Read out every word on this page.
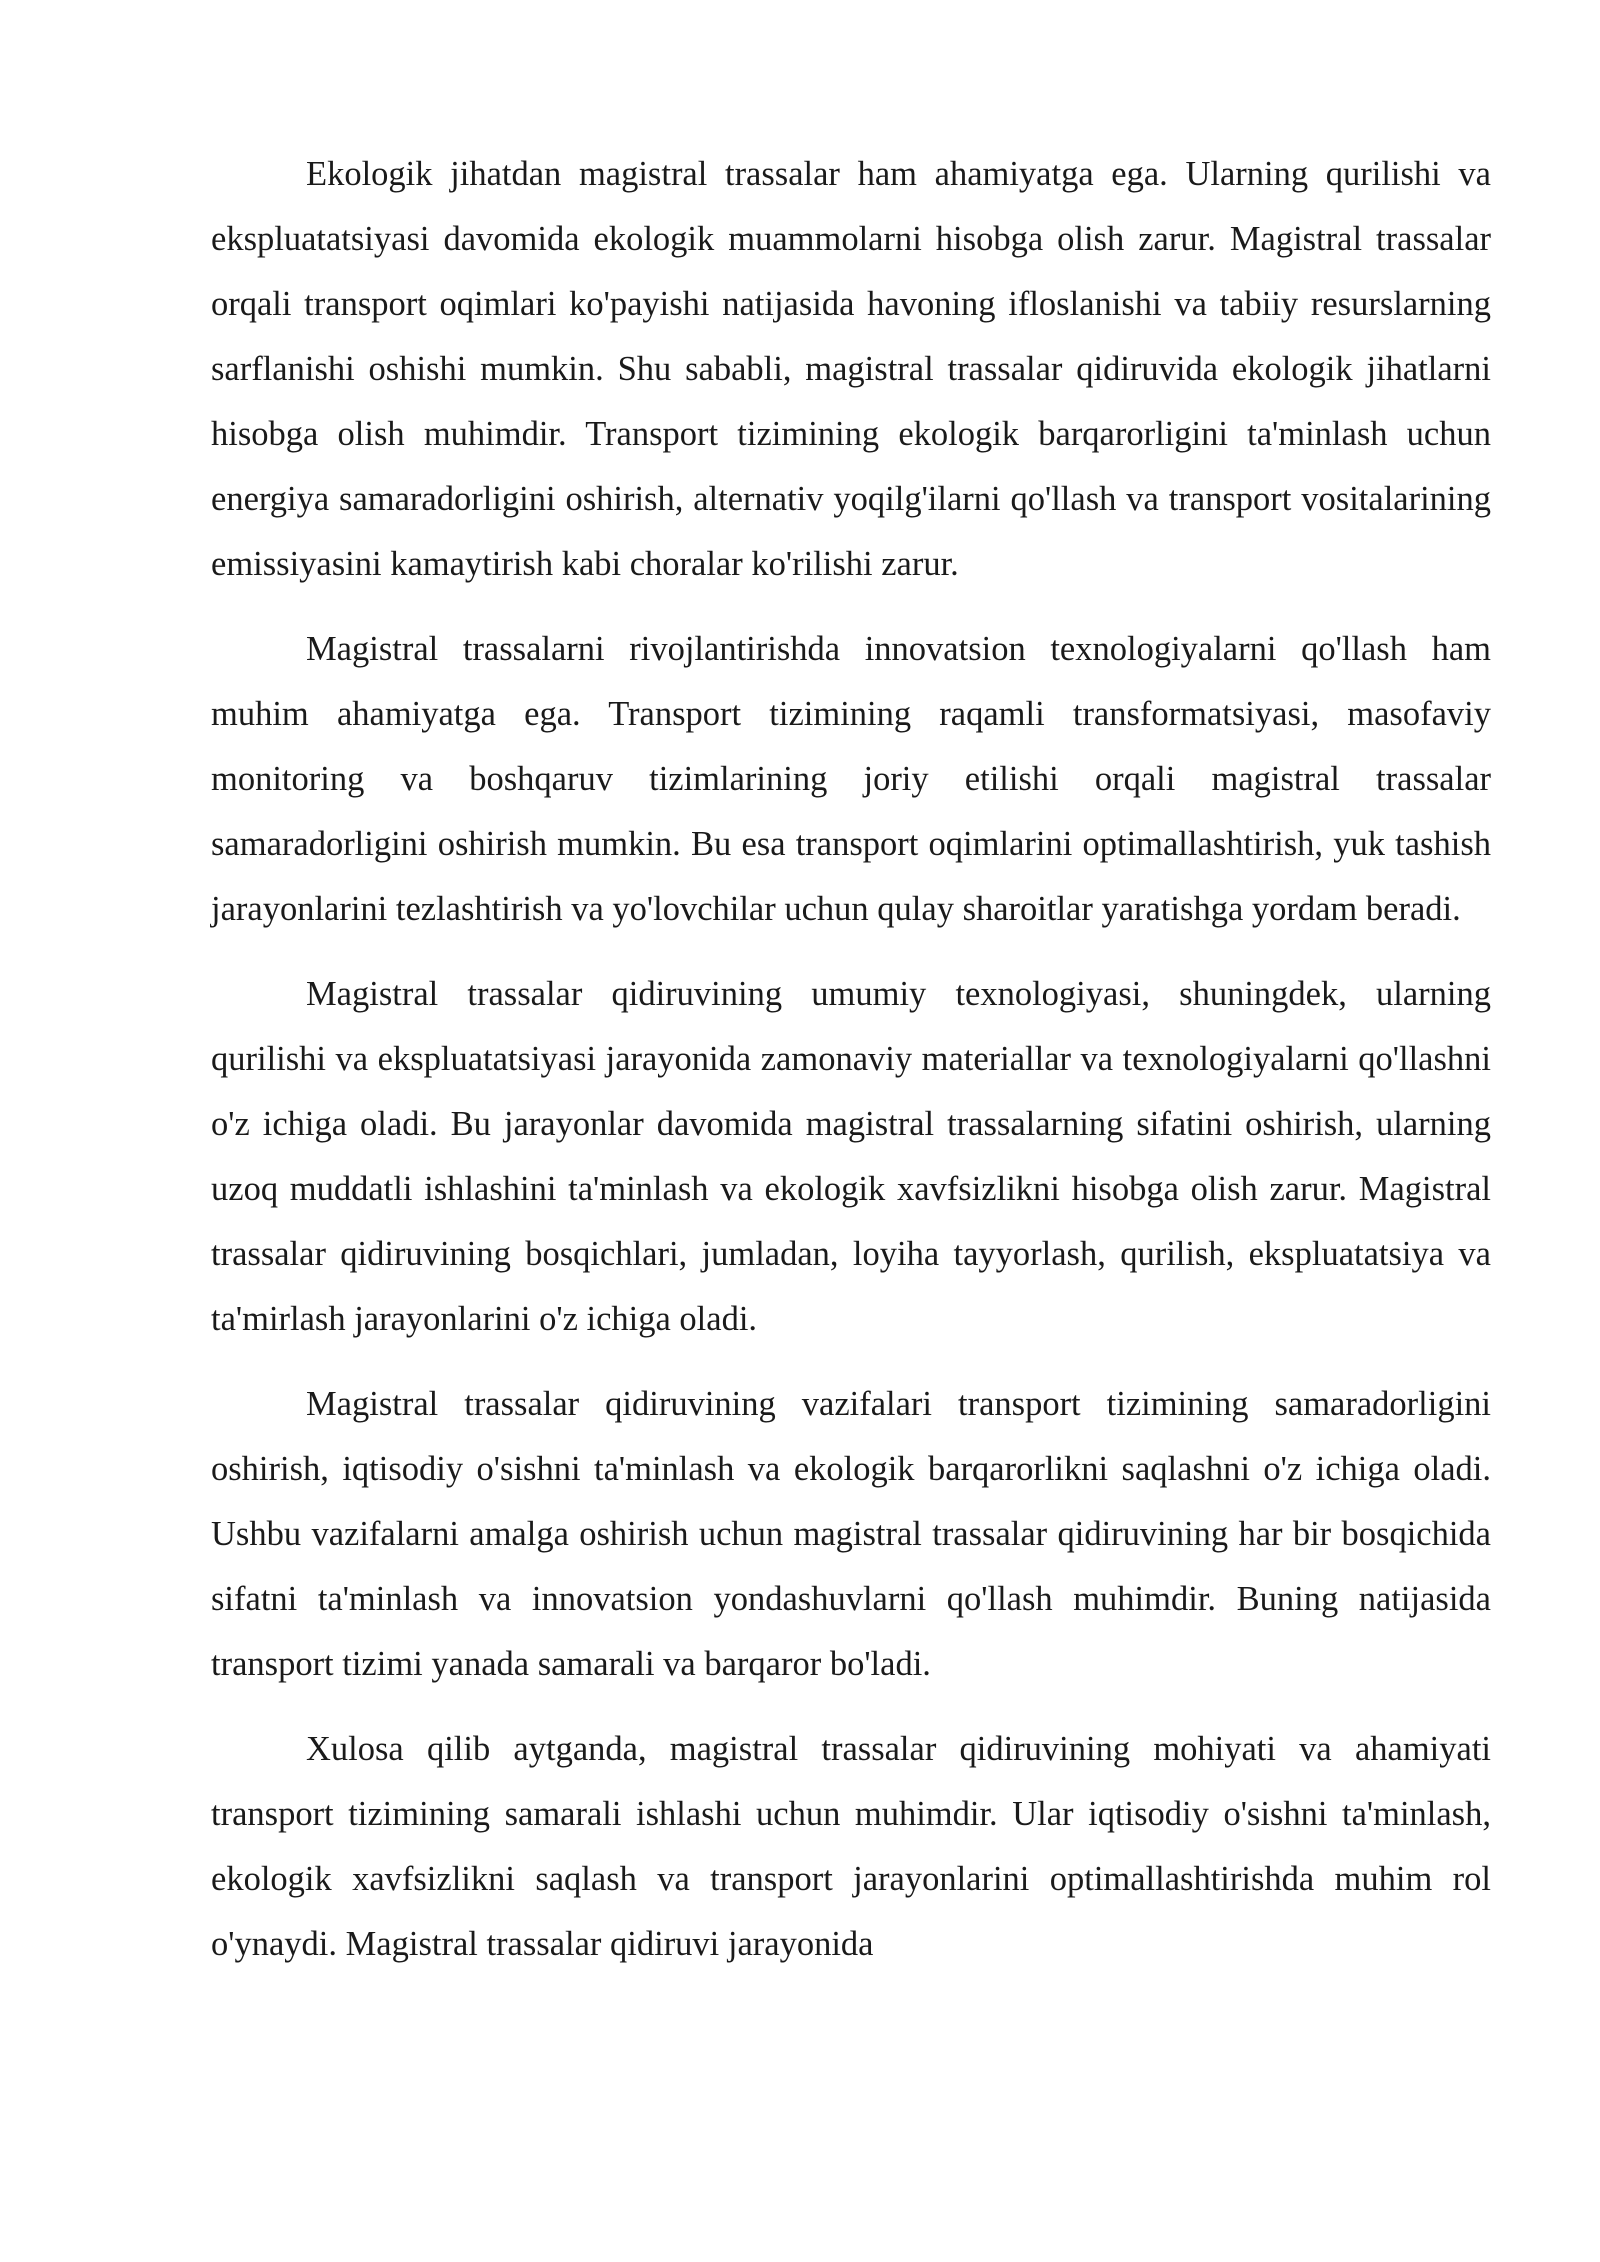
Ekologik jihatdan magistral trassalar ham ahamiyatga ega. Ularning qurilishi va ekspluatatsiyasi davomida ekologik muammolarni hisobga olish zarur. Magistral trassalar orqali transport oqimlari ko'payishi natijasida havoning ifloslanishi va tabiiy resurslarning sarflanishi oshishi mumkin. Shu sababli, magistral trassalar qidiruvida ekologik jihatlarni hisobga olish muhimdir. Transport tizimining ekologik barqarorligini ta'minlash uchun energiya samaradorligini oshirish, alternativ yoqilg'ilarni qo'llash va transport vositalarining emissiyasini kamaytirish kabi choralar ko'rilishi zarur.

Magistral trassalarni rivojlantirishda innovatsion texnologiyalarni qo'llash ham muhim ahamiyatga ega. Transport tizimining raqamli transformatsiyasi, masofaviy monitoring va boshqaruv tizimlarining joriy etilishi orqali magistral trassalar samaradorligini oshirish mumkin. Bu esa transport oqimlarini optimallashtirish, yuk tashish jarayonlarini tezlashtirish va yo'lovchilar uchun qulay sharoitlar yaratishga yordam beradi.

Magistral trassalar qidiruvining umumiy texnologiyasi, shuningdek, ularning qurilishi va ekspluatatsiyasi jarayonida zamonaviy materiallar va texnologiyalarni qo'llashni o'z ichiga oladi. Bu jarayonlar davomida magistral trassalarning sifatini oshirish, ularning uzoq muddatli ishlashini ta'minlash va ekologik xavfsizlikni hisobga olish zarur. Magistral trassalar qidiruvining bosqichlari, jumladan, loyiha tayyorlash, qurilish, ekspluatatsiya va ta'mirlash jarayonlarini o'z ichiga oladi.

Magistral trassalar qidiruvining vazifalari transport tizimining samaradorligini oshirish, iqtisodiy o'sishni ta'minlash va ekologik barqarorlikni saqlashni o'z ichiga oladi. Ushbu vazifalarni amalga oshirish uchun magistral trassalar qidiruvining har bir bosqichida sifatni ta'minlash va innovatsion yondashuvlarni qo'llash muhimdir. Buning natijasida transport tizimi yanada samarali va barqaror bo'ladi.

Xulosa qilib aytganda, magistral trassalar qidiruvining mohiyati va ahamiyati transport tizimining samarali ishlashi uchun muhimdir. Ular iqtisodiy o'sishni ta'minlash, ekologik xavfsizlikni saqlash va transport jarayonlarini optimallashtirishda muhim rol o'ynaydi. Magistral trassalar qidiruvi jarayonida
